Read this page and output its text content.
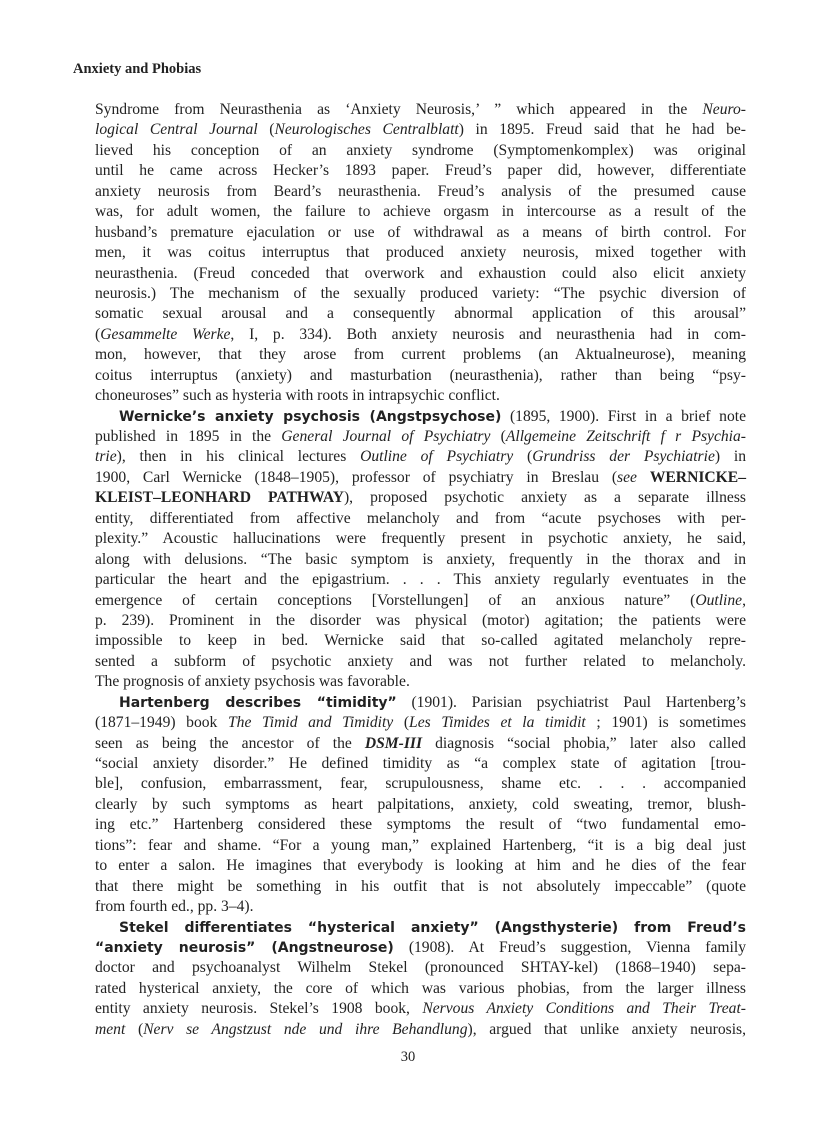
Anxiety and Phobias
Syndrome from Neurasthenia as ‘Anxiety Neurosis,’ ” which appeared in the Neuro-
logical Central Journal (Neurologisches Centralblatt) in 1895. Freud said that he had be-
lieved his conception of an anxiety syndrome (Symptomenkomplex) was original
until he came across Hecker’s 1893 paper. Freud’s paper did, however, differentiate
anxiety neurosis from Beard’s neurasthenia. Freud’s analysis of the presumed cause
was, for adult women, the failure to achieve orgasm in intercourse as a result of the
husband’s premature ejaculation or use of withdrawal as a means of birth control. For
men, it was coitus interruptus that produced anxiety neurosis, mixed together with
neurasthenia. (Freud conceded that overwork and exhaustion could also elicit anxiety
neurosis.) The mechanism of the sexually produced variety: “The psychic diversion of
somatic sexual arousal and a consequently abnormal application of this arousal”
(Gesammelte Werke, I, p. 334). Both anxiety neurosis and neurasthenia had in com-
mon, however, that they arose from current problems (an Aktualneurose), meaning
coitus interruptus (anxiety) and masturbation (neurasthenia), rather than being “psy-
choneuroses” such as hysteria with roots in intrapsychic conflict.
Wernicke’s anxiety psychosis (Angstpsychose) (1895, 1900). First in a brief note
published in 1895 in the General Journal of Psychiatry (Allgemeine Zeitschrift f r Psychia-
trie), then in his clinical lectures Outline of Psychiatry (Grundriss der Psychiatrie) in
1900, Carl Wernicke (1848–1905), professor of psychiatry in Breslau (see WERNICKE–
KLEIST–LEONHARD PATHWAY), proposed psychotic anxiety as a separate illness
entity, differentiated from affective melancholy and from “acute psychoses with per-
plexity.” Acoustic hallucinations were frequently present in psychotic anxiety, he said,
along with delusions. “The basic symptom is anxiety, frequently in the thorax and in
particular the heart and the epigastrium. . . . This anxiety regularly eventuates in the
emergence of certain conceptions [Vorstellungen] of an anxious nature” (Outline,
p. 239). Prominent in the disorder was physical (motor) agitation; the patients were
impossible to keep in bed. Wernicke said that so-called agitated melancholy repre-
sented a subform of psychotic anxiety and was not further related to melancholy.
The prognosis of anxiety psychosis was favorable.
Hartenberg describes “timidity” (1901). Parisian psychiatrist Paul Hartenberg’s
(1871–1949) book The Timid and Timidity (Les Timides et la timidit ; 1901) is sometimes
seen as being the ancestor of the DSM-III diagnosis “social phobia,” later also called
“social anxiety disorder.” He defined timidity as “a complex state of agitation [trou-
ble], confusion, embarrassment, fear, scrupulousness, shame etc. . . . accompanied
clearly by such symptoms as heart palpitations, anxiety, cold sweating, tremor, blush-
ing etc.” Hartenberg considered these symptoms the result of “two fundamental emo-
tions”: fear and shame. “For a young man,” explained Hartenberg, “it is a big deal just
to enter a salon. He imagines that everybody is looking at him and he dies of the fear
that there might be something in his outfit that is not absolutely impeccable” (quote
from fourth ed., pp. 3–4).
Stekel differentiates “hysterical anxiety” (Angsthysterie) from Freud’s
“anxiety neurosis” (Angstneurose) (1908). At Freud’s suggestion, Vienna family
doctor and psychoanalyst Wilhelm Stekel (pronounced SHTAY-kel) (1868–1940) sepa-
rated hysterical anxiety, the core of which was various phobias, from the larger illness
entity anxiety neurosis. Stekel’s 1908 book, Nervous Anxiety Conditions and Their Treat-
ment (Nerv se Angstzust nde und ihre Behandlung), argued that unlike anxiety neurosis,
30
